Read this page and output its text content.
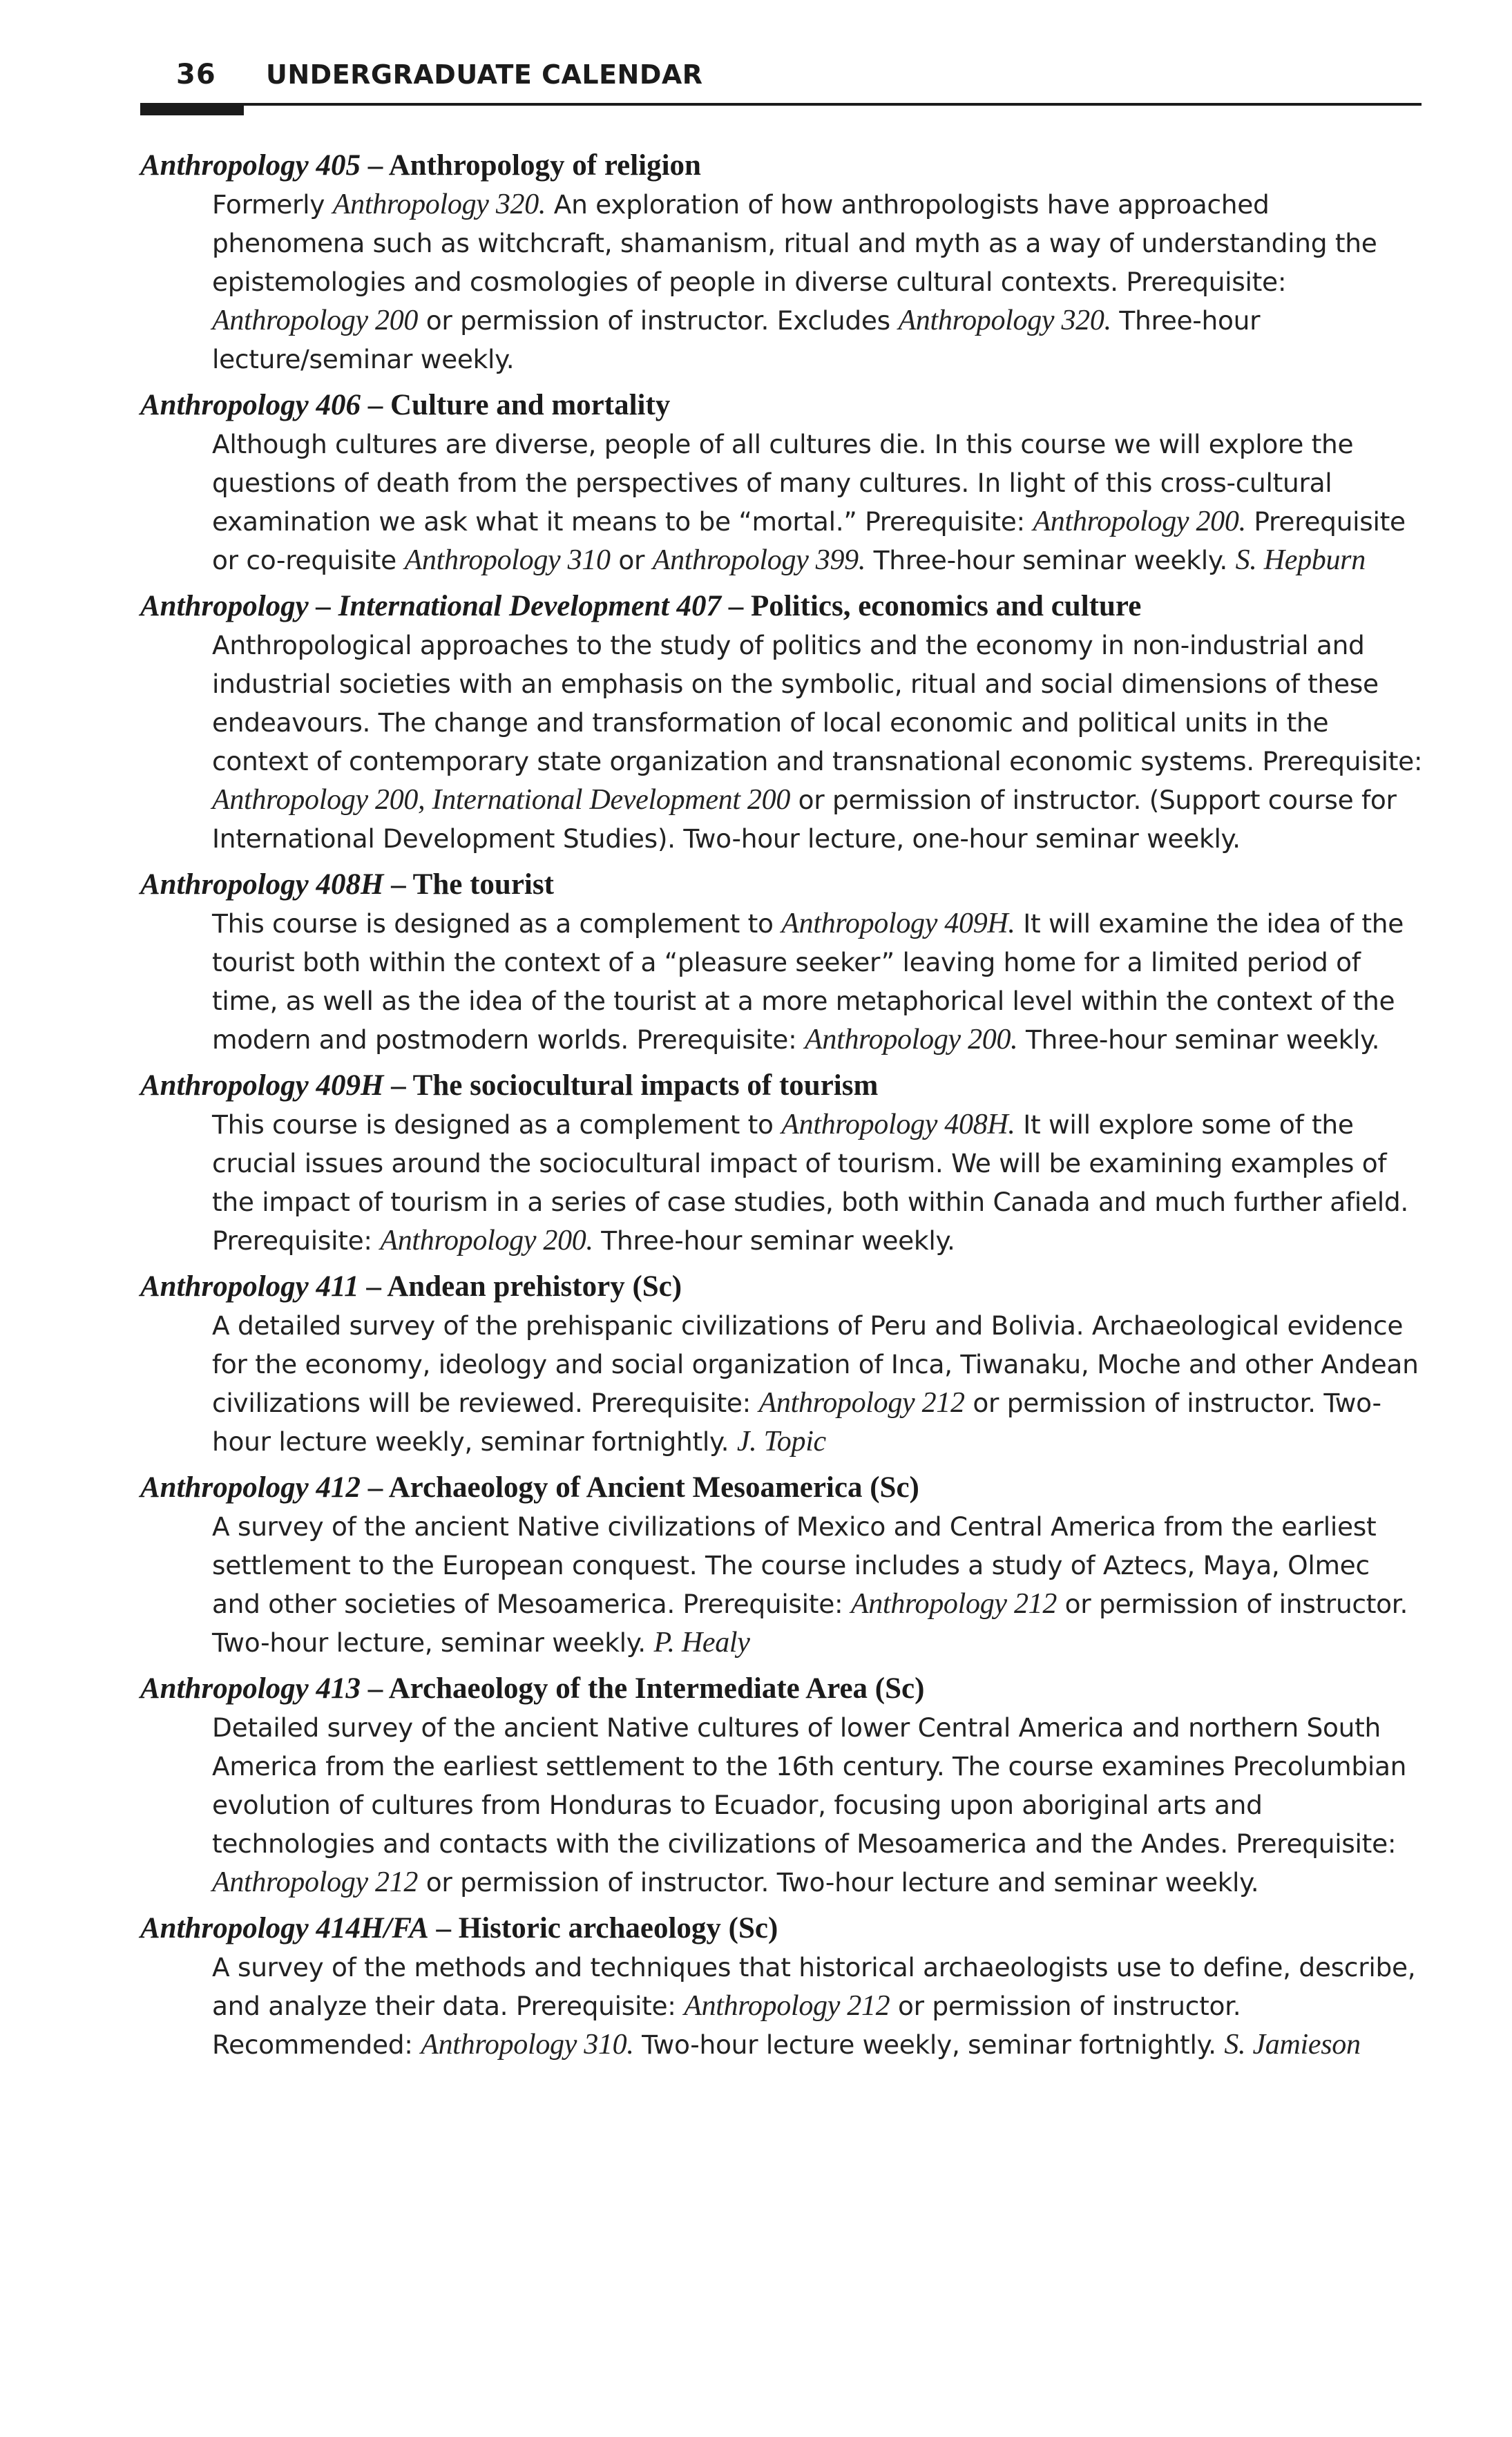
36 UNDERGRADUATE CALENDAR
Anthropology 405 – Anthropology of religion
Formerly Anthropology 320. An exploration of how anthropologists have approached phenomena such as witchcraft, shamanism, ritual and myth as a way of understanding the epistemologies and cosmologies of people in diverse cultural contexts. Prerequisite: Anthropology 200 or permission of instructor. Excludes Anthropology 320. Three-hour lecture/seminar weekly.
Anthropology 406 – Culture and mortality
Although cultures are diverse, people of all cultures die. In this course we will explore the questions of death from the perspectives of many cultures. In light of this cross-cultural examination we ask what it means to be “mortal.” Prerequisite: Anthropology 200. Prerequisite or co-requisite Anthropology 310 or Anthropology 399. Three-hour seminar weekly. S. Hepburn
Anthropology – International Development 407 – Politics, economics and culture
Anthropological approaches to the study of politics and the economy in non-industrial and industrial societies with an emphasis on the symbolic, ritual and social dimensions of these endeavours. The change and transformation of local economic and political units in the context of contemporary state organization and transnational economic systems. Prerequisite: Anthropology 200, International Development 200 or permission of instructor. (Support course for International Development Studies). Two-hour lecture, one-hour seminar weekly.
Anthropology 408H – The tourist
This course is designed as a complement to Anthropology 409H. It will examine the idea of the tourist both within the context of a “pleasure seeker” leaving home for a limited period of time, as well as the idea of the tourist at a more metaphorical level within the context of the modern and postmodern worlds. Prerequisite: Anthropology 200. Three-hour seminar weekly.
Anthropology 409H – The sociocultural impacts of tourism
This course is designed as a complement to Anthropology 408H. It will explore some of the crucial issues around the sociocultural impact of tourism. We will be examining examples of the impact of tourism in a series of case studies, both within Canada and much further afield. Prerequisite: Anthropology 200. Three-hour seminar weekly.
Anthropology 411 – Andean prehistory (Sc)
A detailed survey of the prehispanic civilizations of Peru and Bolivia. Archaeological evidence for the economy, ideology and social organization of Inca, Tiwanaku, Moche and other Andean civilizations will be reviewed. Prerequisite: Anthropology 212 or permission of instructor. Two-hour lecture weekly, seminar fortnightly. J. Topic
Anthropology 412 – Archaeology of Ancient Mesoamerica (Sc)
A survey of the ancient Native civilizations of Mexico and Central America from the earliest settlement to the European conquest. The course includes a study of Aztecs, Maya, Olmec and other societies of Mesoamerica. Prerequisite: Anthropology 212 or permission of instructor. Two-hour lecture, seminar weekly. P. Healy
Anthropology 413 – Archaeology of the Intermediate Area (Sc)
Detailed survey of the ancient Native cultures of lower Central America and northern South America from the earliest settlement to the 16th century. The course examines Precolumbian evolution of cultures from Honduras to Ecuador, focusing upon aboriginal arts and technologies and contacts with the civilizations of Mesoamerica and the Andes. Prerequisite: Anthropology 212 or permission of instructor. Two-hour lecture and seminar weekly.
Anthropology 414H/FA – Historic archaeology (Sc)
A survey of the methods and techniques that historical archaeologists use to define, describe, and analyze their data. Prerequisite: Anthropology 212 or permission of instructor. Recommended: Anthropology 310. Two-hour lecture weekly, seminar fortnightly. S. Jamieson
